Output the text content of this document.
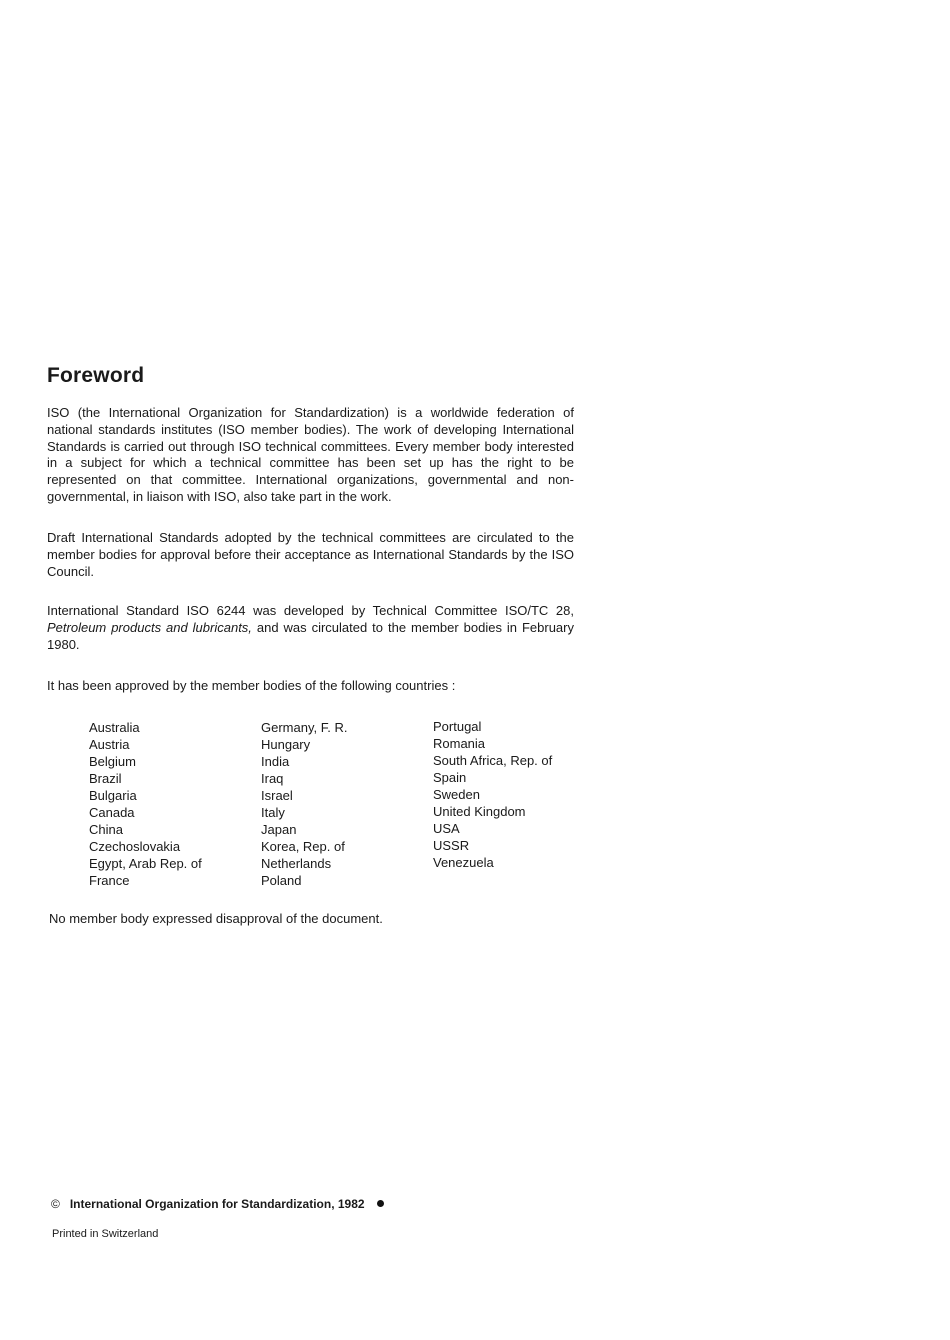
Foreword

ISO (the International Organization for Standardization) is a worldwide federation of national standards institutes (ISO member bodies). The work of developing International Standards is carried out through ISO technical committees. Every member body interested in a subject for which a technical committee has been set up has the right to be represented on that committee. International organizations, governmental and non-governmental, in liaison with ISO, also take part in the work.

Draft International Standards adopted by the technical committees are circulated to the member bodies for approval before their acceptance as International Standards by the ISO Council.

International Standard ISO 6244 was developed by Technical Committee ISO/TC 28, Petroleum products and lubricants, and was circulated to the member bodies in February 1980.

It has been approved by the member bodies of the following countries :

Australia
Austria
Belgium
Brazil
Bulgaria
Canada
China
Czechoslovakia
Egypt, Arab Rep. of
France
Germany, F. R.
Hungary
India
Iraq
Israel
Italy
Japan
Korea, Rep. of
Netherlands
Poland
Portugal
Romania
South Africa, Rep. of
Spain
Sweden
United Kingdom
USA
USSR
Venezuela

No member body expressed disapproval of the document.

© International Organization for Standardization, 1982
Printed in Switzerland
